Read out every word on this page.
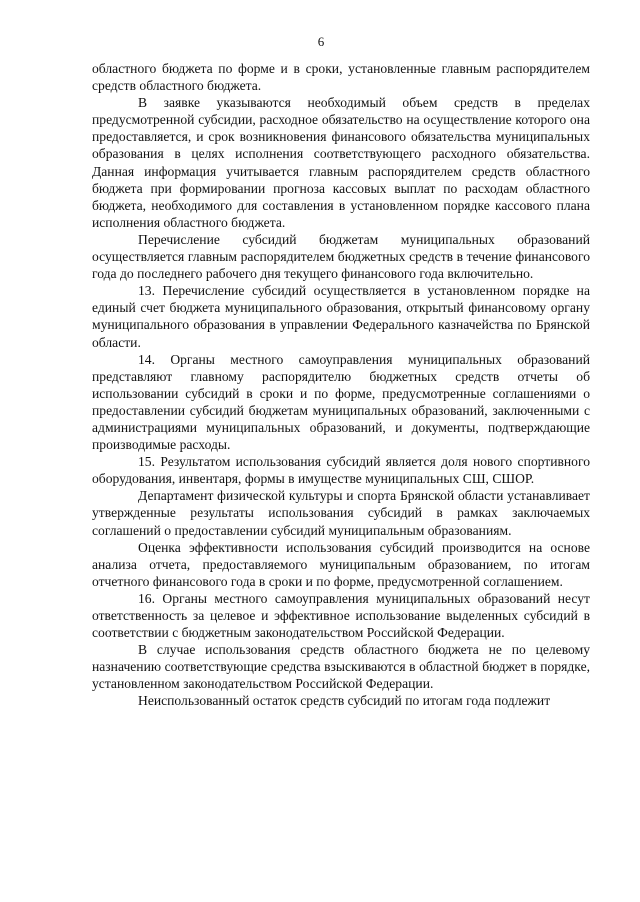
6

областного бюджета по форме и в сроки, установленные главным распорядителем средств областного бюджета.

В заявке указываются необходимый объем средств в пределах предусмотренной субсидии, расходное обязательство на осуществление которого она предоставляется, и срок возникновения финансового обязательства муниципальных образования в целях исполнения соответствующего расходного обязательства. Данная информация учитывается главным распорядителем средств областного бюджета при формировании прогноза кассовых выплат по расходам областного бюджета, необходимого для составления в установленном порядке кассового плана исполнения областного бюджета.

Перечисление субсидий бюджетам муниципальных образований осуществляется главным распорядителем бюджетных средств в течение финансового года до последнего рабочего дня текущего финансового года включительно.

13. Перечисление субсидий осуществляется в установленном порядке на единый счет бюджета муниципального образования, открытый финансовому органу муниципального образования в управлении Федерального казначейства по Брянской области.

14. Органы местного самоуправления муниципальных образований представляют главному распорядителю бюджетных средств отчеты об использовании субсидий в сроки и по форме, предусмотренные соглашениями о предоставлении субсидий бюджетам муниципальных образований, заключенными с администрациями муниципальных образований, и документы, подтверждающие производимые расходы.

15. Результатом использования субсидий является доля нового спортивного оборудования, инвентаря, формы в имуществе муниципальных СШ, СШОР.

Департамент физической культуры и спорта Брянской области устанавливает утвержденные результаты использования субсидий в рамках заключаемых соглашений о предоставлении субсидий муниципальным образованиям.

Оценка эффективности использования субсидий производится на основе анализа отчета, предоставляемого муниципальным образованием, по итогам отчетного финансового года в сроки и по форме, предусмотренной соглашением.

16. Органы местного самоуправления муниципальных образований несут ответственность за целевое и эффективное использование выделенных субсидий в соответствии с бюджетным законодательством Российской Федерации.

В случае использования средств областного бюджета не по целевому назначению соответствующие средства взыскиваются в областной бюджет в порядке, установленном законодательством Российской Федерации.

Неиспользованный остаток средств субсидий по итогам года подлежит
